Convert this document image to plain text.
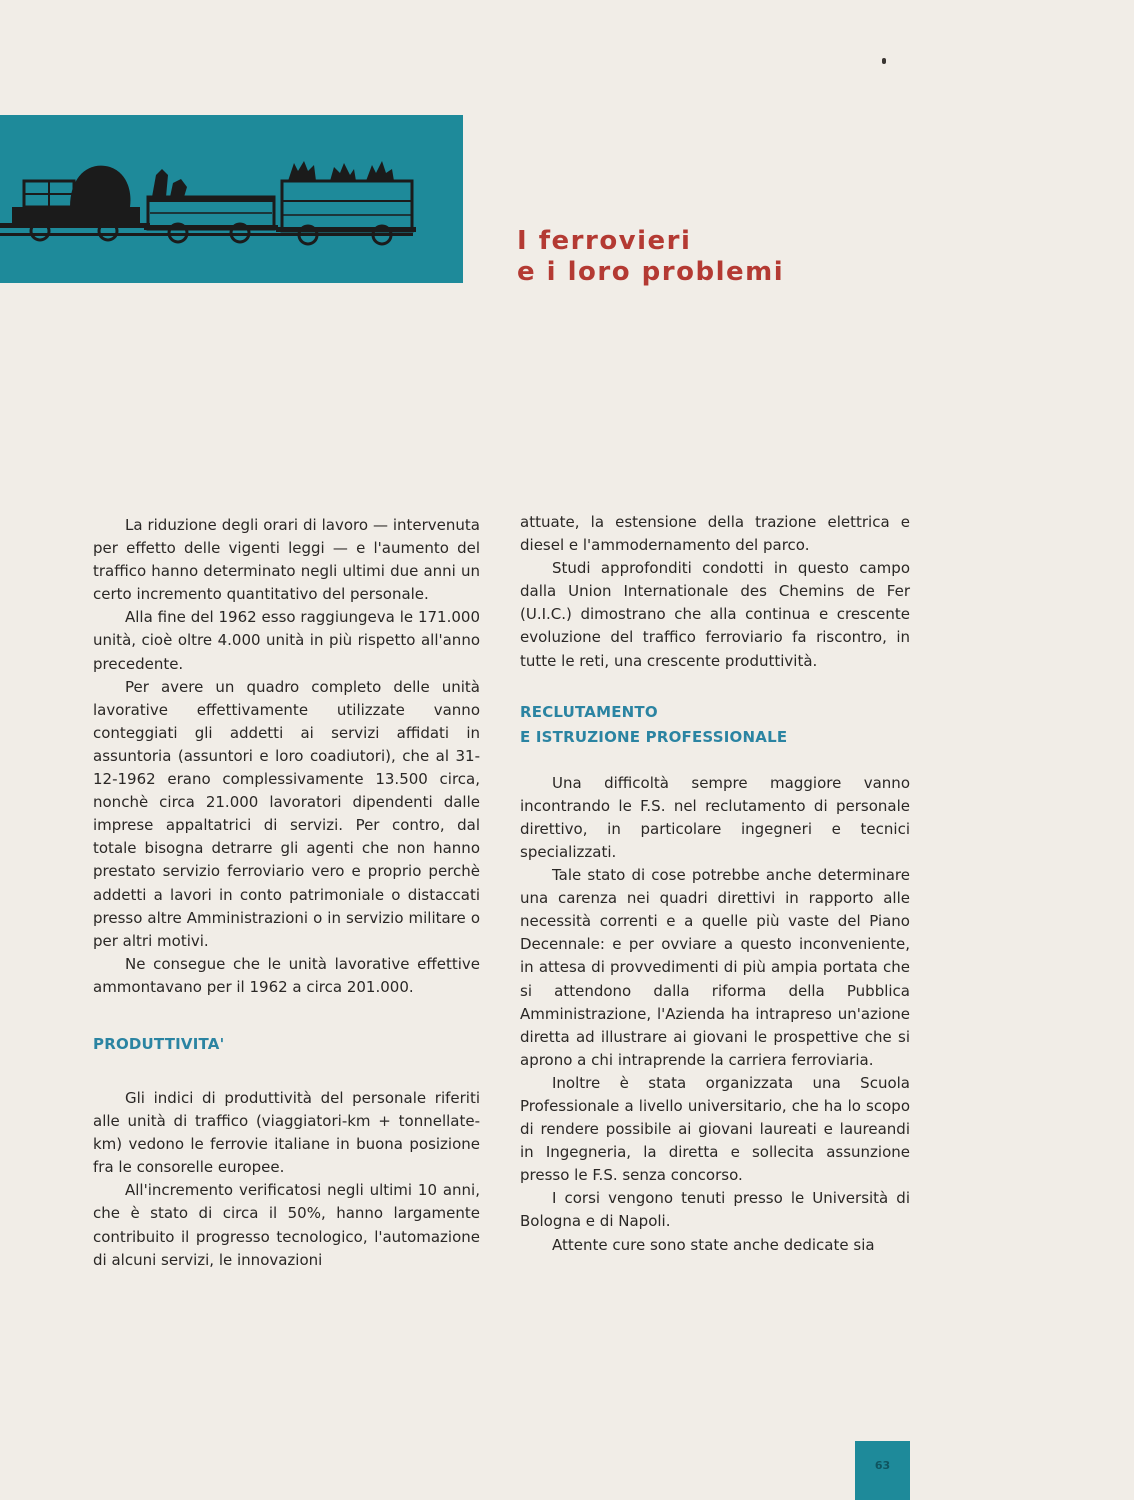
I ferrovieri
e i loro problemi

La riduzione degli orari di lavoro — intervenuta per effetto delle vigenti leggi — e l'aumento del traffico hanno determinato negli ultimi due anni un certo incremento quantitativo del personale.

Alla fine del 1962 esso raggiungeva le 171.000 unità, cioè oltre 4.000 unità in più rispetto all'anno precedente.

Per avere un quadro completo delle unità lavorative effettivamente utilizzate vanno conteggiati gli addetti ai servizi affidati in assuntoria (assuntori e loro coadiutori), che al 31-12-1962 erano complessivamente 13.500 circa, nonchè circa 21.000 lavoratori dipendenti dalle imprese appaltatrici di servizi. Per contro, dal totale bisogna detrarre gli agenti che non hanno prestato servizio ferroviario vero e proprio perchè addetti a lavori in conto patrimoniale o distaccati presso altre Amministrazioni o in servizio militare o per altri motivi.

Ne consegue che le unità lavorative effettive ammontavano per il 1962 a circa 201.000.

PRODUTTIVITA'

Gli indici di produttività del personale riferiti alle unità di traffico (viaggiatori-km + tonnellate-km) vedono le ferrovie italiane in buona posizione fra le consorelle europee.

All'incremento verificatosi negli ultimi 10 anni, che è stato di circa il 50%, hanno largamente contribuito il progresso tecnologico, l'automazione di alcuni servizi, le innovazioni

attuate, la estensione della trazione elettrica e diesel e l'ammodernamento del parco.

Studi approfonditi condotti in questo campo dalla Union Internationale des Chemins de Fer (U.I.C.) dimostrano che alla continua e crescente evoluzione del traffico ferroviario fa riscontro, in tutte le reti, una crescente produttività.

RECLUTAMENTO
E ISTRUZIONE PROFESSIONALE

Una difficoltà sempre maggiore vanno incontrando le F.S. nel reclutamento di personale direttivo, in particolare ingegneri e tecnici specializzati.

Tale stato di cose potrebbe anche determinare una carenza nei quadri direttivi in rapporto alle necessità correnti e a quelle più vaste del Piano Decennale: e per ovviare a questo inconveniente, in attesa di provvedimenti di più ampia portata che si attendono dalla riforma della Pubblica Amministrazione, l'Azienda ha intrapreso un'azione diretta ad illustrare ai giovani le prospettive che si aprono a chi intraprende la carriera ferroviaria.

Inoltre è stata organizzata una Scuola Professionale a livello universitario, che ha lo scopo di rendere possibile ai giovani laureati e laureandi in Ingegneria, la diretta e sollecita assunzione presso le F.S. senza concorso.

I corsi vengono tenuti presso le Università di Bologna e di Napoli.

Attente cure sono state anche dedicate sia

63
